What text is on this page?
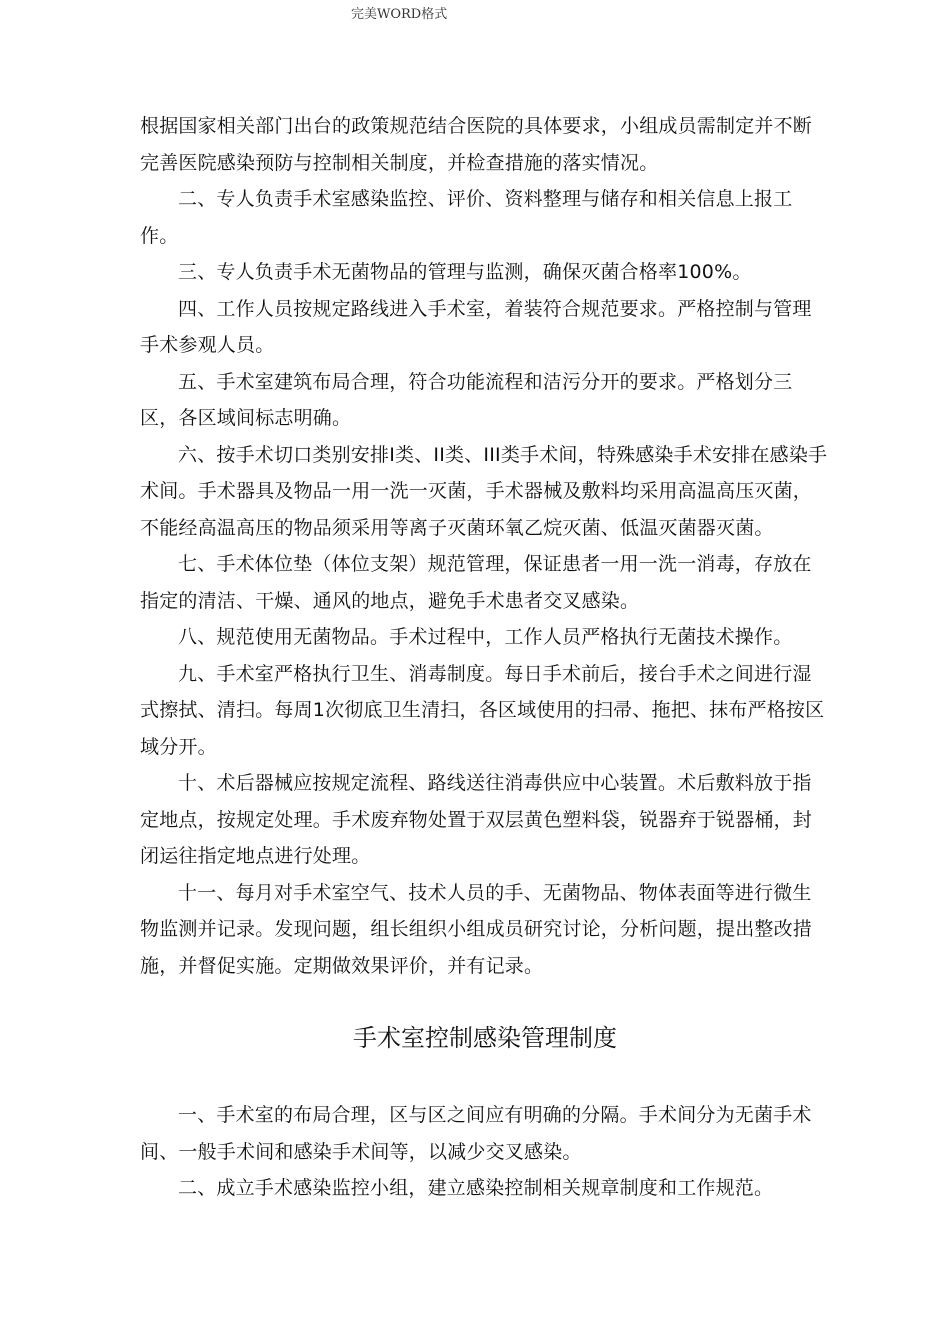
完美WORD格式

根据国家相关部门出台的政策规范结合医院的具体要求，小组成员需制定并不断完善医院感染预防与控制相关制度，并检查措施的落实情况。

二、专人负责手术室感染监控、评价、资料整理与储存和相关信息上报工作。

三、专人负责手术无菌物品的管理与监测，确保灭菌合格率100%。

四、工作人员按规定路线进入手术室，着装符合规范要求。严格控制与管理手术参观人员。

五、手术室建筑布局合理，符合功能流程和洁污分开的要求。严格划分三区，各区域间标志明确。

六、按手术切口类别安排Ⅰ类、ⅠⅠ类、ⅠⅠⅠ类手术间，特殊感染手术安排在感染手术间。手术器具及物品一用一洗一灭菌，手术器械及敷料均采用高温高压灭菌，不能经高温高压的物品须采用等离子灭菌环氧乙烷灭菌、低温灭菌器灭菌。

七、手术体位垫（体位支架）规范管理，保证患者一用一洗一消毒，存放在指定的清洁、干燥、通风的地点，避免手术患者交叉感染。

八、规范使用无菌物品。手术过程中，工作人员严格执行无菌技术操作。

九、手术室严格执行卫生、消毒制度。每日手术前后，接台手术之间进行湿式擦拭、清扫。每周1次彻底卫生清扫，各区域使用的扫帚、拖把、抹布严格按区域分开。

十、术后器械应按规定流程、路线送往消毒供应中心装置。术后敷料放于指定地点，按规定处理。手术废弃物处置于双层黄色塑料袋，锐器弃于锐器桶，封闭运往指定地点进行处理。

十一、每月对手术室空气、技术人员的手、无菌物品、物体表面等进行微生物监测并记录。发现问题，组长组织小组成员研究讨论，分析问题，提出整改措施，并督促实施。定期做效果评价，并有记录。

手术室控制感染管理制度

一、手术室的布局合理，区与区之间应有明确的分隔。手术间分为无菌手术间、一般手术间和感染手术间等，以减少交叉感染。

二、成立手术感染监控小组，建立感染控制相关规章制度和工作规范。
